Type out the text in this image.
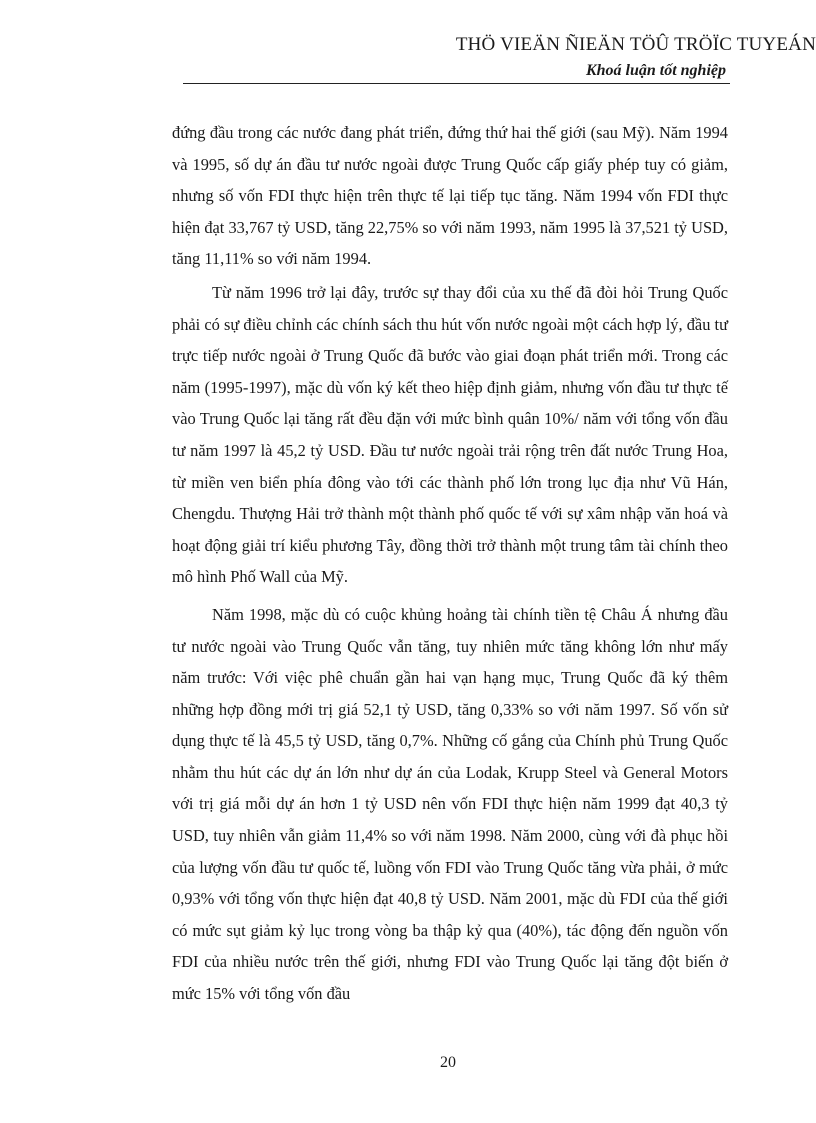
THÖ VIEÄN ÑIEÄN TÖÛ TRÖÏC TUYEÁN
Khoá luận tốt nghiệp

đứng đầu trong các nước đang phát triển, đứng thứ hai thế giới (sau Mỹ). Năm 1994 và 1995, số dự án đầu tư nước ngoài được Trung Quốc cấp giấy phép tuy có giảm, nhưng số vốn FDI thực hiện trên thực tế lại tiếp tục tăng. Năm 1994 vốn FDI thực hiện đạt 33,767 tỷ USD, tăng 22,75% so với năm 1993, năm 1995 là 37,521 tỷ USD, tăng 11,11% so với năm 1994.

Từ năm 1996 trở lại đây, trước sự thay đổi của xu thế đã đòi hỏi Trung Quốc phải có sự điều chỉnh các chính sách thu hút vốn nước ngoài một cách hợp lý, đầu tư trực tiếp nước ngoài ở Trung Quốc đã bước vào giai đoạn phát triển mới. Trong các năm (1995-1997), mặc dù vốn ký kết theo hiệp định giảm, nhưng vốn đầu tư thực tế vào Trung Quốc lại tăng rất đều đặn với mức bình quân 10%/ năm với tổng vốn đầu tư năm 1997 là 45,2 tỷ USD. Đầu tư nước ngoài trải rộng trên đất nước Trung Hoa, từ miền ven biển phía đông vào tới các thành phố lớn trong lục địa như Vũ Hán, Chengdu. Thượng Hải trở thành một thành phố quốc tế với sự xâm nhập văn hoá và hoạt động giải trí kiểu phương Tây, đồng thời trở thành một trung tâm tài chính theo mô hình Phố Wall của Mỹ.

Năm 1998, mặc dù có cuộc khủng hoảng tài chính tiền tệ Châu Á nhưng đầu tư nước ngoài vào Trung Quốc vẫn tăng, tuy nhiên mức tăng không lớn như mấy năm trước: Với việc phê chuẩn gần hai vạn hạng mục, Trung Quốc đã ký thêm những hợp đồng mới trị giá 52,1 tỷ USD, tăng 0,33% so với năm 1997. Số vốn sử dụng thực tế là 45,5 tỷ USD, tăng 0,7%. Những cố gắng của Chính phủ Trung Quốc nhằm thu hút các dự án lớn như dự án của Lodak, Krupp Steel và General Motors với trị giá mỗi dự án hơn 1 tỷ USD nên vốn FDI thực hiện năm 1999 đạt 40,3 tỷ USD, tuy nhiên vẫn giảm 11,4% so với năm 1998. Năm 2000, cùng với đà phục hồi của lượng vốn đầu tư quốc tế, luồng vốn FDI vào Trung Quốc tăng vừa phải, ở mức 0,93% với tổng vốn thực hiện đạt 40,8 tỷ USD. Năm 2001, mặc dù FDI của thế giới có mức sụt giảm kỷ lục trong vòng ba thập kỷ qua (40%), tác động đến nguồn vốn FDI của nhiều nước trên thế giới, nhưng FDI vào Trung Quốc lại tăng đột biến ở mức 15% với tổng vốn đầu

20
